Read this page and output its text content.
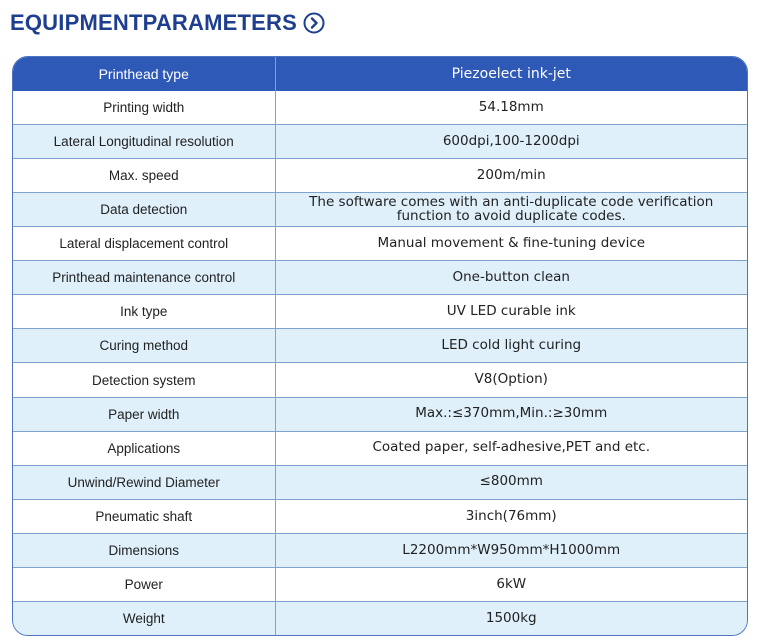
EQUIPMENTPARAMETERS
Printhead type	Piezoelect ink-jet
Printing width	54.18mm
Lateral Longitudinal resolution	600dpi,100-1200dpi
Max. speed	200m/min
Data detection	The software comes with an anti-duplicate code verification function to avoid duplicate codes.
Lateral displacement control	Manual movement & fine-tuning device
Printhead maintenance control	One-button clean
Ink type	UV LED curable ink
Curing method	LED cold light curing
Detection system	V8(Option)
Paper width	Max.:≤370mm,Min.:≥30mm
Applications	Coated paper, self-adhesive,PET and etc.
Unwind/Rewind Diameter	≤800mm
Pneumatic shaft	3inch(76mm)
Dimensions	L2200mm*W950mm*H1000mm
Power	6kW
Weight	1500kg
